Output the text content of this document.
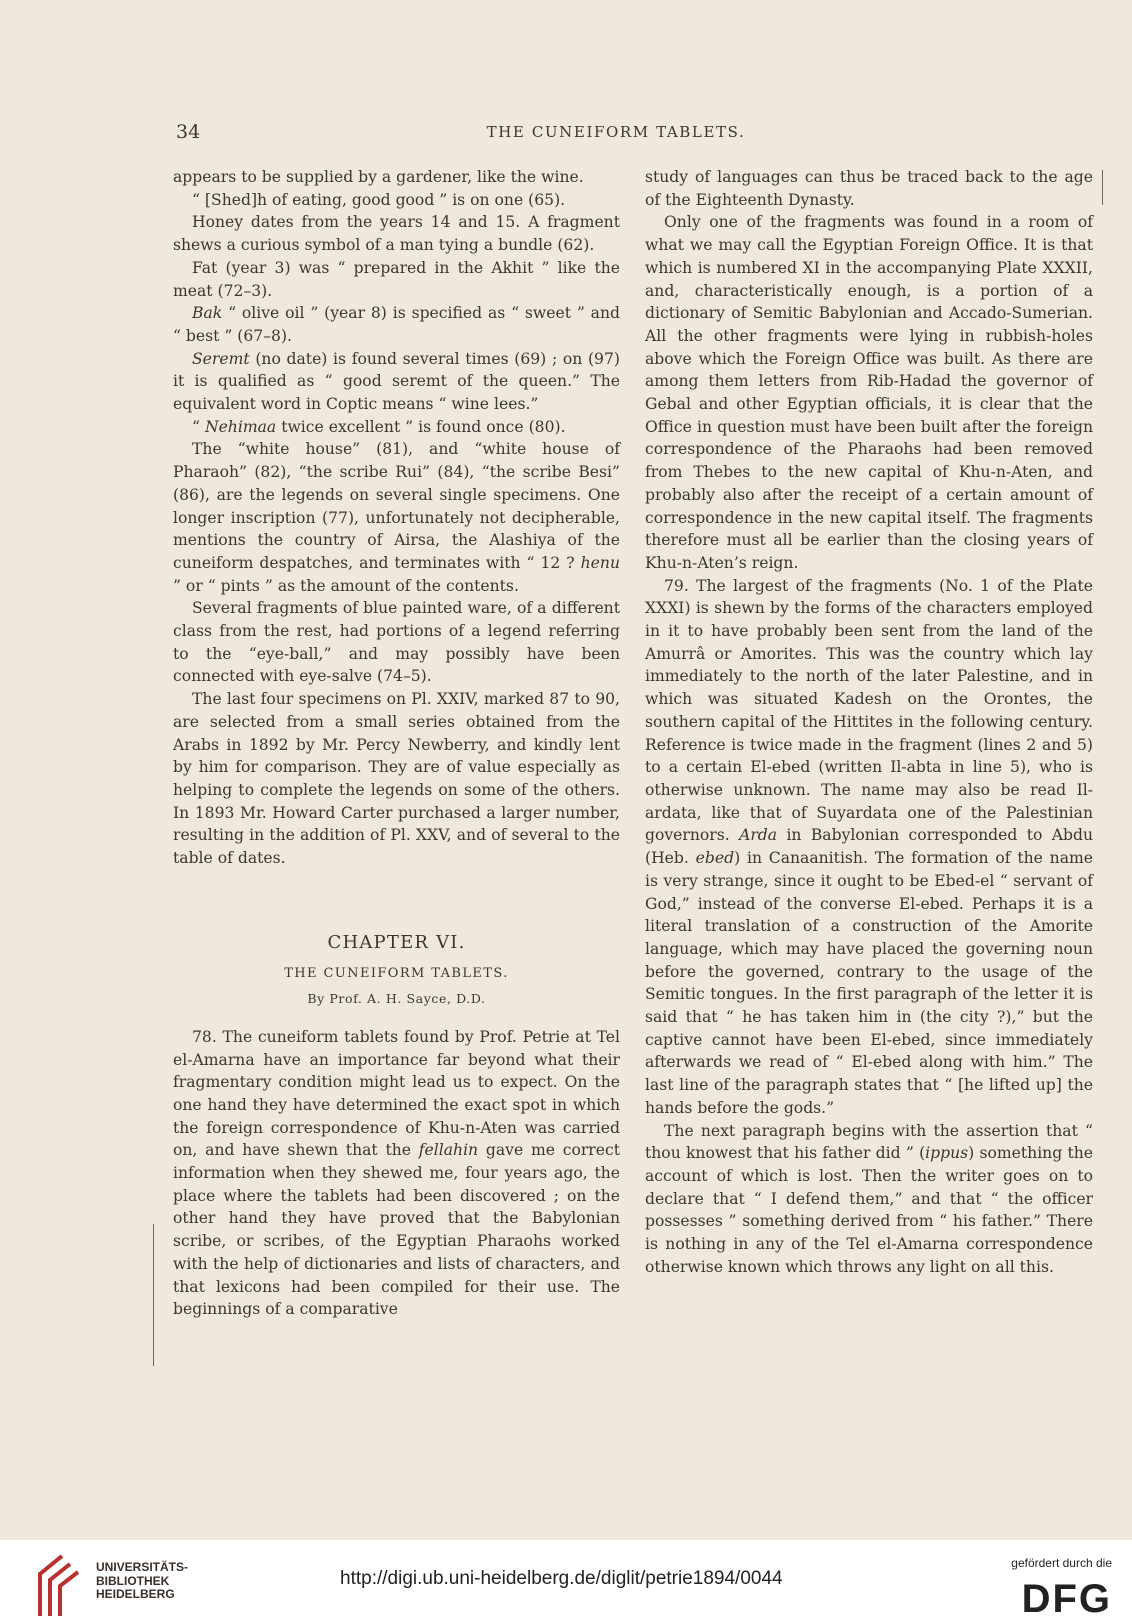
34	THE CUNEIFORM TABLETS.

appears to be supplied by a gardener, like the wine.

“ [Shed]h of eating, good good ” is on one (65).

Honey dates from the years 14 and 15. A fragment shews a curious symbol of a man tying a bundle (62).

Fat (year 3) was “ prepared in the Akhit ” like the meat (72–3).

Bak “ olive oil ” (year 8) is specified as “ sweet ” and “ best ” (67–8).

Seremt (no date) is found several times (69) ; on (97) it is qualified as “ good seremt of the queen.” The equivalent word in Coptic means “ wine lees.”

“ Nehimaa twice excellent ” is found once (80).

The “white house” (81), and “white house of Pharaoh” (82), “the scribe Rui” (84), “the scribe Besi” (86), are the legends on several single specimens. One longer inscription (77), unfortunately not decipherable, mentions the country of Airsa, the Alashiya of the cuneiform despatches, and terminates with “ 12 ? henu ” or “ pints ” as the amount of the contents.

Several fragments of blue painted ware, of a different class from the rest, had portions of a legend referring to the “eye-ball,” and may possibly have been connected with eye-salve (74–5).

The last four specimens on Pl. XXIV, marked 87 to 90, are selected from a small series obtained from the Arabs in 1892 by Mr. Percy Newberry, and kindly lent by him for comparison. They are of value especially as helping to complete the legends on some of the others. In 1893 Mr. Howard Carter purchased a larger number, resulting in the addition of Pl. XXV, and of several to the table of dates.

CHAPTER VI.
THE CUNEIFORM TABLETS.
By Prof. A. H. Sayce, D.D.

78. The cuneiform tablets found by Prof. Petrie at Tel el-Amarna have an importance far beyond what their fragmentary condition might lead us to expect. On the one hand they have determined the exact spot in which the foreign correspondence of Khu-n-Aten was carried on, and have shewn that the fellahin gave me correct information when they shewed me, four years ago, the place where the tablets had been discovered ; on the other hand they have proved that the Babylonian scribe, or scribes, of the Egyptian Pharaohs worked with the help of dictionaries and lists of characters, and that lexicons had been compiled for their use. The beginnings of a comparative

study of languages can thus be traced back to the age of the Eighteenth Dynasty.

Only one of the fragments was found in a room of what we may call the Egyptian Foreign Office. It is that which is numbered XI in the accompanying Plate XXXII, and, characteristically enough, is a portion of a dictionary of Semitic Babylonian and Accado-Sumerian. All the other fragments were lying in rubbish-holes above which the Foreign Office was built. As there are among them letters from Rib-Hadad the governor of Gebal and other Egyptian officials, it is clear that the Office in question must have been built after the foreign correspondence of the Pharaohs had been removed from Thebes to the new capital of Khu-n-Aten, and probably also after the receipt of a certain amount of correspondence in the new capital itself. The fragments therefore must all be earlier than the closing years of Khu-n-Aten’s reign.

79. The largest of the fragments (No. 1 of the Plate XXXI) is shewn by the forms of the characters employed in it to have probably been sent from the land of the Amurrâ or Amorites. This was the country which lay immediately to the north of the later Palestine, and in which was situated Kadesh on the Orontes, the southern capital of the Hittites in the following century. Reference is twice made in the fragment (lines 2 and 5) to a certain El-ebed (written Il-abta in line 5), who is otherwise unknown. The name may also be read Il-ardata, like that of Suyardata one of the Palestinian governors. Arda in Babylonian corresponded to Abdu (Heb. ebed) in Canaanitish. The formation of the name is very strange, since it ought to be Ebed-el “ servant of God,” instead of the converse El-ebed. Perhaps it is a literal translation of a construction of the Amorite language, which may have placed the governing noun before the governed, contrary to the usage of the Semitic tongues. In the first paragraph of the letter it is said that “ he has taken him in (the city ?),” but the captive cannot have been El-ebed, since immediately afterwards we read of “ El-ebed along with him.” The last line of the paragraph states that “ [he lifted up] the hands before the gods.”

The next paragraph begins with the assertion that “ thou knowest that his father did ” (ippus) something the account of which is lost. Then the writer goes on to declare that “ I defend them,” and that “ the officer possesses ” something derived from “ his father.” There is nothing in any of the Tel el-Amarna correspondence otherwise known which throws any light on all this.

UNIVERSITÄTS-
BIBLIOTHEK
HEIDELBERG
http://digi.ub.uni-heidelberg.de/diglit/petrie1894/0044
gefördert durch die
DFG
